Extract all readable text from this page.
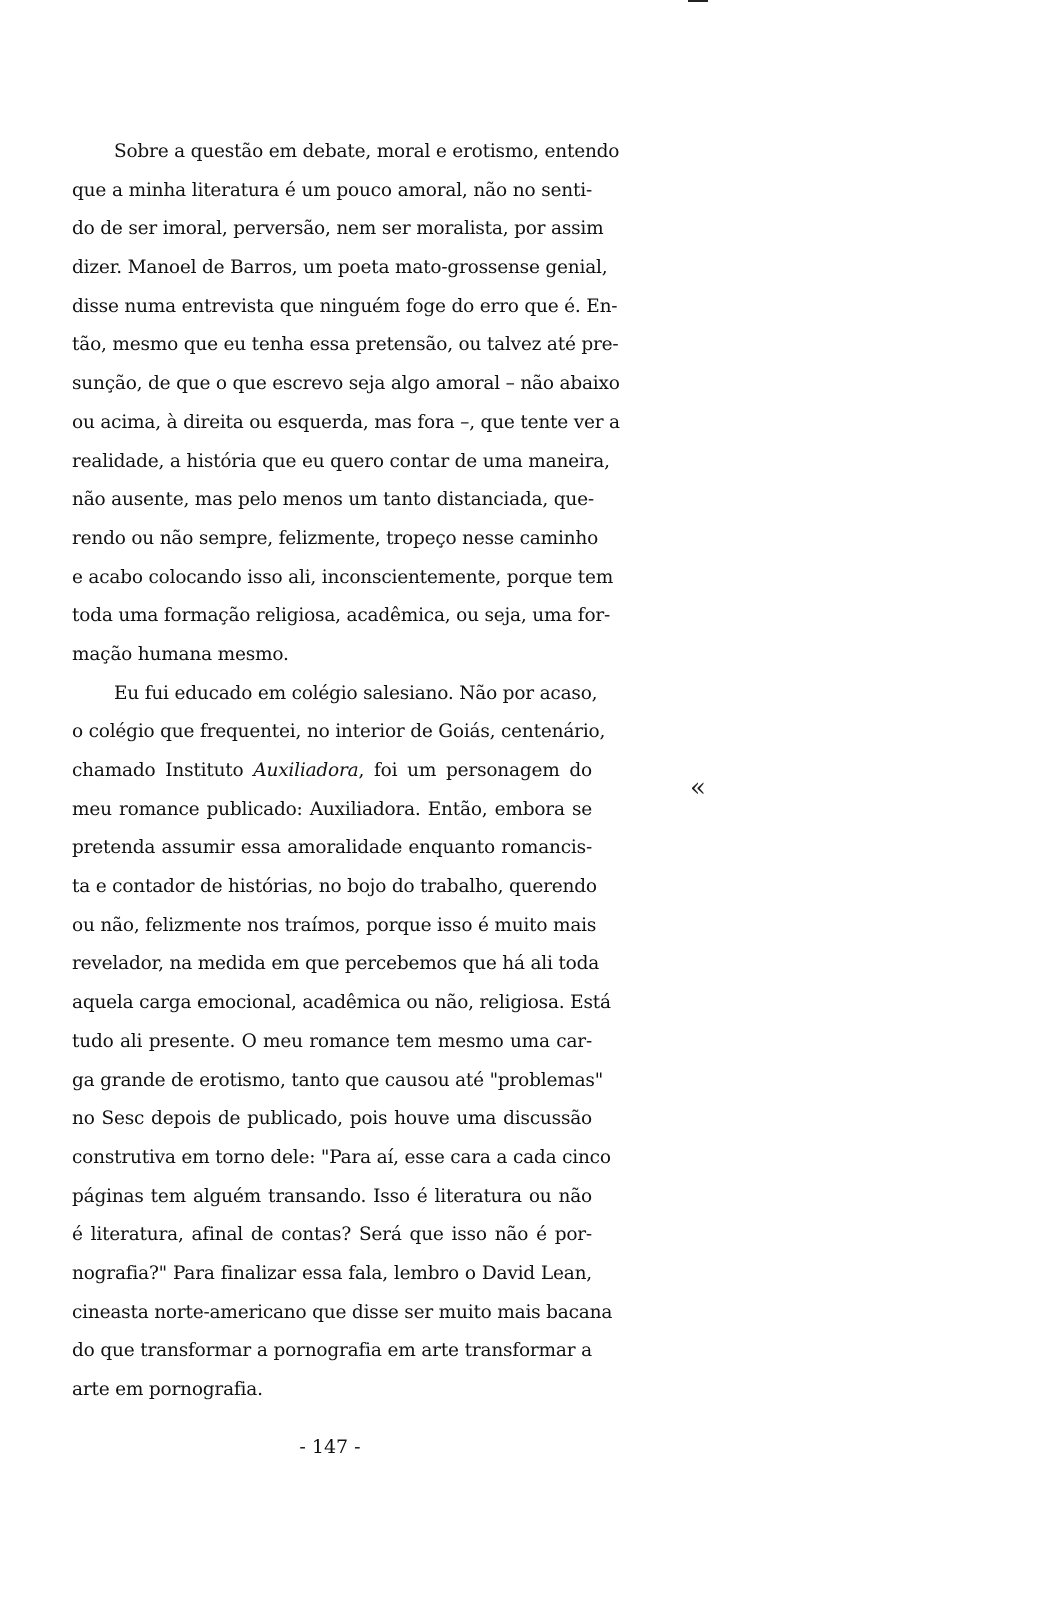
Sobre a questão em debate, moral e erotismo, entendo
que a minha literatura é um pouco amoral, não no senti-
do de ser imoral, perversão, nem ser moralista, por assim
dizer. Manoel de Barros, um poeta mato-grossense genial,
disse numa entrevista que ninguém foge do erro que é. En-
tão, mesmo que eu tenha essa pretensão, ou talvez até pre-
sunção, de que o que escrevo seja algo amoral – não abaixo
ou acima, à direita ou esquerda, mas fora –, que tente ver a
realidade, a história que eu quero contar de uma maneira,
não ausente, mas pelo menos um tanto distanciada, que-
rendo ou não sempre, felizmente, tropeço nesse caminho
e acabo colocando isso ali, inconscientemente, porque tem
toda uma formação religiosa, acadêmica, ou seja, uma for-
mação humana mesmo.
Eu fui educado em colégio salesiano. Não por acaso,
o colégio que frequentei, no interior de Goiás, centenário,
chamado Instituto Auxiliadora, foi um personagem do
meu romance publicado: Auxiliadora. Então, embora se
pretenda assumir essa amoralidade enquanto romancis-
ta e contador de histórias, no bojo do trabalho, querendo
ou não, felizmente nos traímos, porque isso é muito mais
revelador, na medida em que percebemos que há ali toda
aquela carga emocional, acadêmica ou não, religiosa. Está
tudo ali presente. O meu romance tem mesmo uma car-
ga grande de erotismo, tanto que causou até "problemas"
no Sesc depois de publicado, pois houve uma discussão
construtiva em torno dele: "Para aí, esse cara a cada cinco
páginas tem alguém transando. Isso é literatura ou não
é literatura, afinal de contas? Será que isso não é por-
nografia?" Para finalizar essa fala, lembro o David Lean,
cineasta norte-americano que disse ser muito mais bacana
do que transformar a pornografia em arte transformar a
arte em pornografia.
«
- 147 -
